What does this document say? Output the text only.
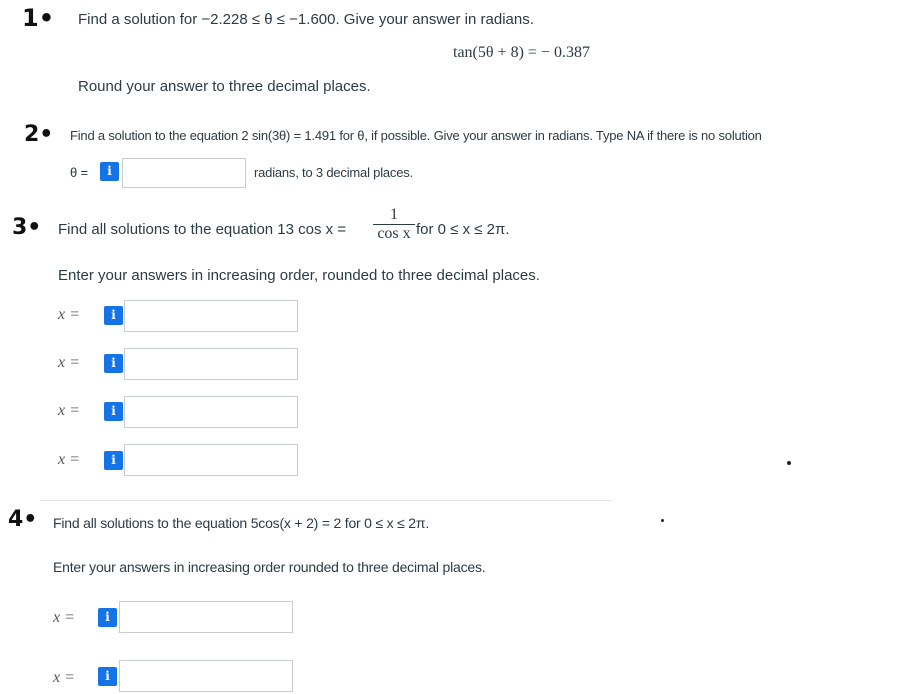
1• Find a solution for −2.228 ≤ θ ≤ −1.600. Give your answer in radians.
tan(5θ + 8) = − 0.387
Round your answer to three decimal places.
2• Find a solution to the equation 2 sin(3θ) = 1.491 for θ, if possible. Give your answer in radians. Type NA if there is no solution
θ =	i	radians, to 3 decimal places.
3• Find all solutions to the equation 13 $\cos x = \frac{1}{\text{cos x}}$ for 0 ≤ x ≤ 2π.
Enter your answers in increasing order, rounded to three decimal places.
x =	i
x =	i
x =	i
x =	i
4• Find all solutions to the equation 5cos(x + 2) = 2 for 0 ≤ x ≤ 2π.
Enter your answers in increasing order rounded to three decimal places.
x =	i
x =	i
